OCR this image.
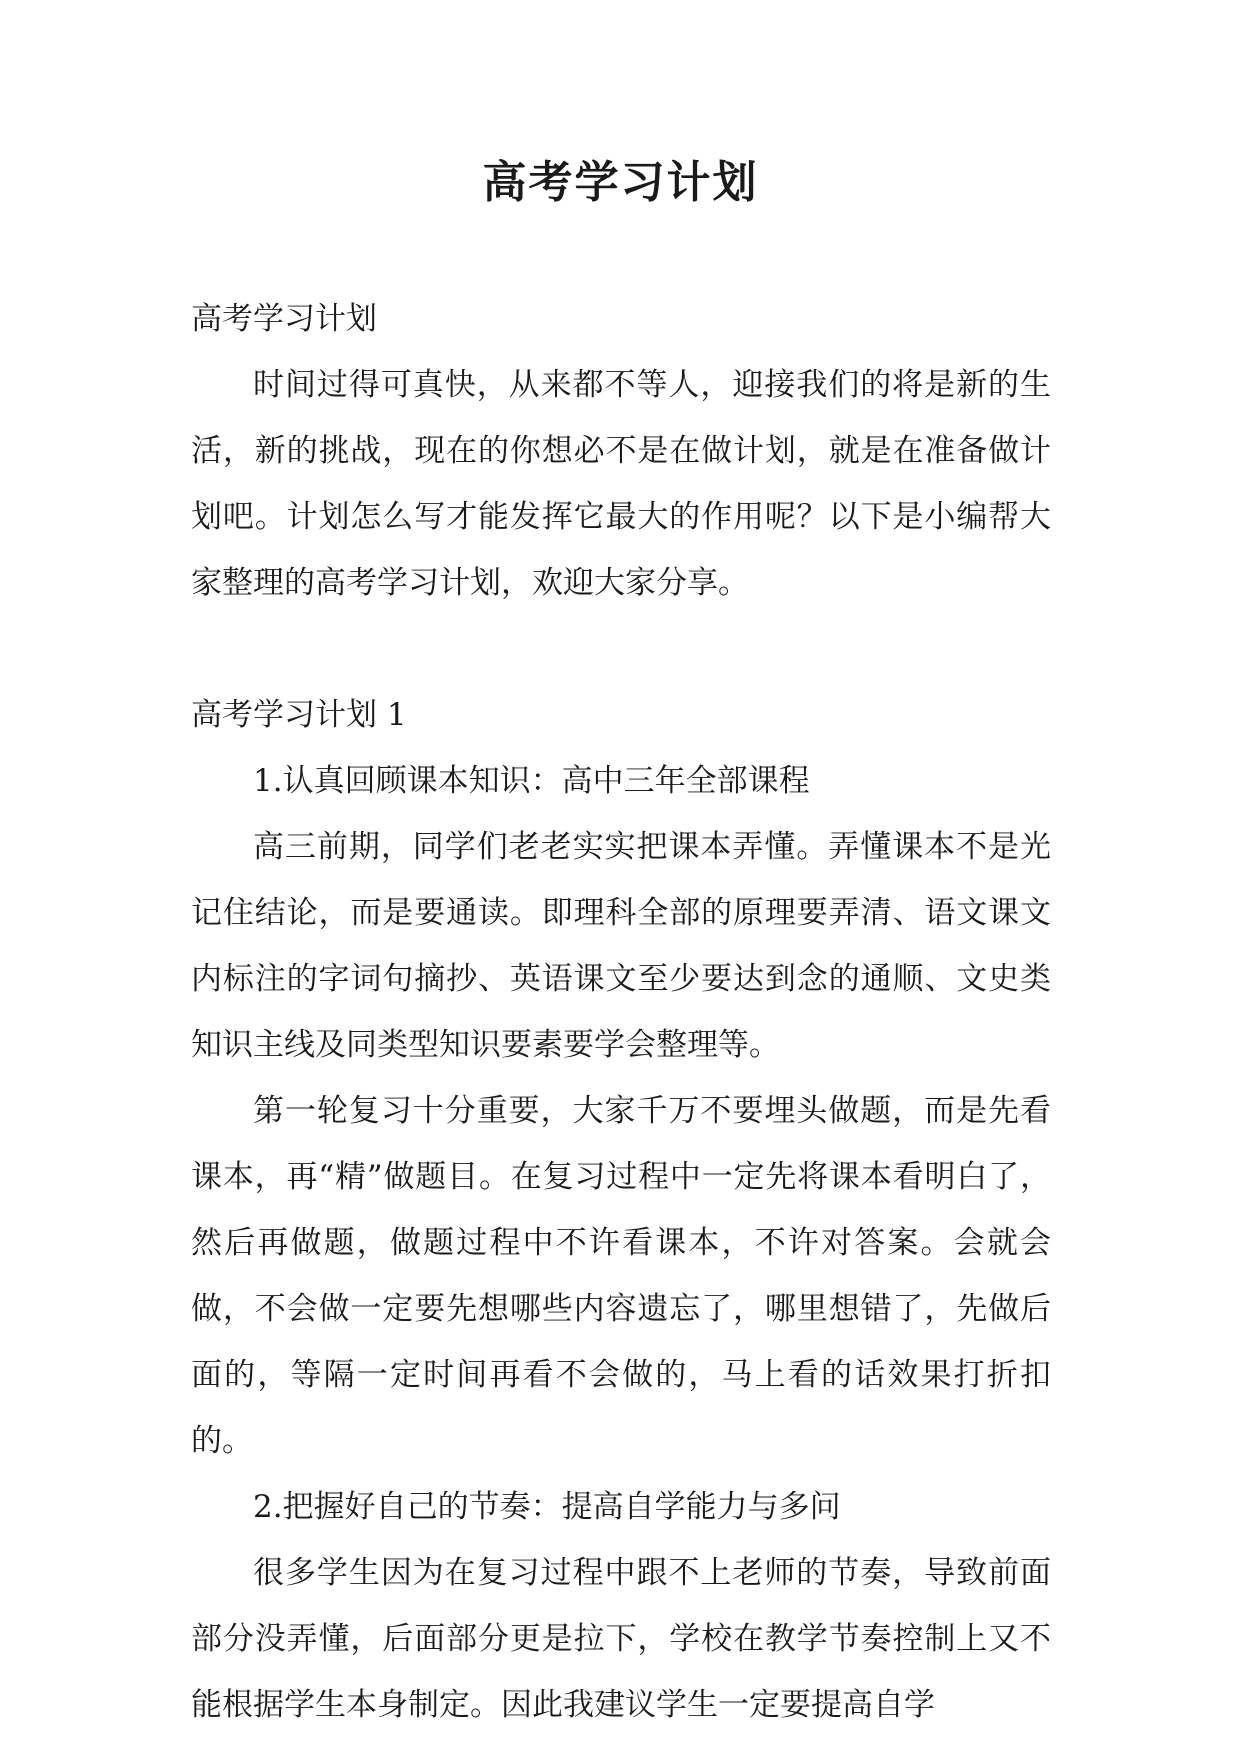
高考学习计划

高考学习计划

时间过得可真快，从来都不等人，迎接我们的将是新的生活，新的挑战，现在的你想必不是在做计划，就是在准备做计划吧。计划怎么写才能发挥它最大的作用呢？以下是小编帮大家整理的高考学习计划，欢迎大家分享。

高考学习计划 1

1.认真回顾课本知识：高中三年全部课程

高三前期，同学们老老实实把课本弄懂。弄懂课本不是光记住结论，而是要通读。即理科全部的原理要弄清、语文课文内标注的字词句摘抄、英语课文至少要达到念的通顺、文史类知识主线及同类型知识要素要学会整理等。

第一轮复习十分重要，大家千万不要埋头做题，而是先看课本，再“精”做题目。在复习过程中一定先将课本看明白了，然后再做题，做题过程中不许看课本，不许对答案。会就会做，不会做一定要先想哪些内容遗忘了，哪里想错了，先做后面的，等隔一定时间再看不会做的，马上看的话效果打折扣的。

2.把握好自己的节奏：提高自学能力与多问

很多学生因为在复习过程中跟不上老师的节奏，导致前面部分没弄懂，后面部分更是拉下，学校在教学节奏控制上又不能根据学生本身制定。因此我建议学生一定要提高自学
